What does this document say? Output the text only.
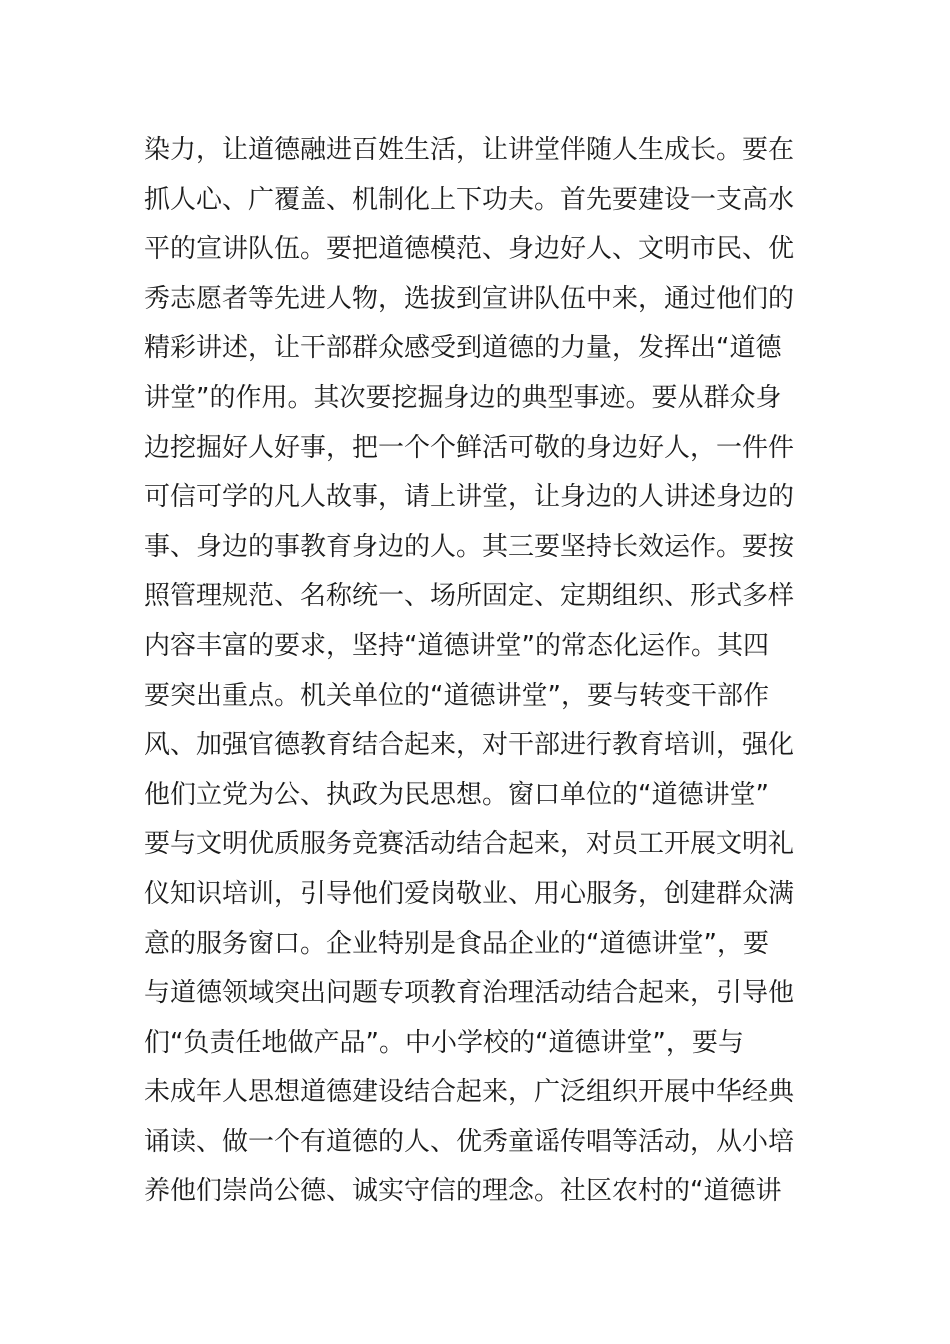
染力，让道德融进百姓生活，让讲堂伴随人生成长。要在
抓人心、广覆盖、机制化上下功夫。首先要建设一支高水
平的宣讲队伍。要把道德模范、身边好人、文明市民、优
秀志愿者等先进人物，选拔到宣讲队伍中来，通过他们的
精彩讲述，让干部群众感受到道德的力量，发挥出“道德
讲堂”的作用。其次要挖掘身边的典型事迹。要从群众身
边挖掘好人好事，把一个个鲜活可敬的身边好人，一件件
可信可学的凡人故事，请上讲堂，让身边的人讲述身边的
事、身边的事教育身边的人。其三要坚持长效运作。要按
照管理规范、名称统一、场所固定、定期组织、形式多样
内容丰富的要求，坚持“道德讲堂”的常态化运作。其四
要突出重点。机关单位的“道德讲堂”，要与转变干部作
风、加强官德教育结合起来，对干部进行教育培训，强化
他们立党为公、执政为民思想。窗口单位的“道德讲堂”
要与文明优质服务竞赛活动结合起来，对员工开展文明礼
仪知识培训，引导他们爱岗敬业、用心服务，创建群众满
意的服务窗口。企业特别是食品企业的“道德讲堂”，要
与道德领域突出问题专项教育治理活动结合起来，引导他
们“负责任地做产品”。中小学校的“道德讲堂”，要与
未成年人思想道德建设结合起来，广泛组织开展中华经典
诵读、做一个有道德的人、优秀童谣传唱等活动，从小培
养他们崇尚公德、诚实守信的理念。社区农村的“道德讲
